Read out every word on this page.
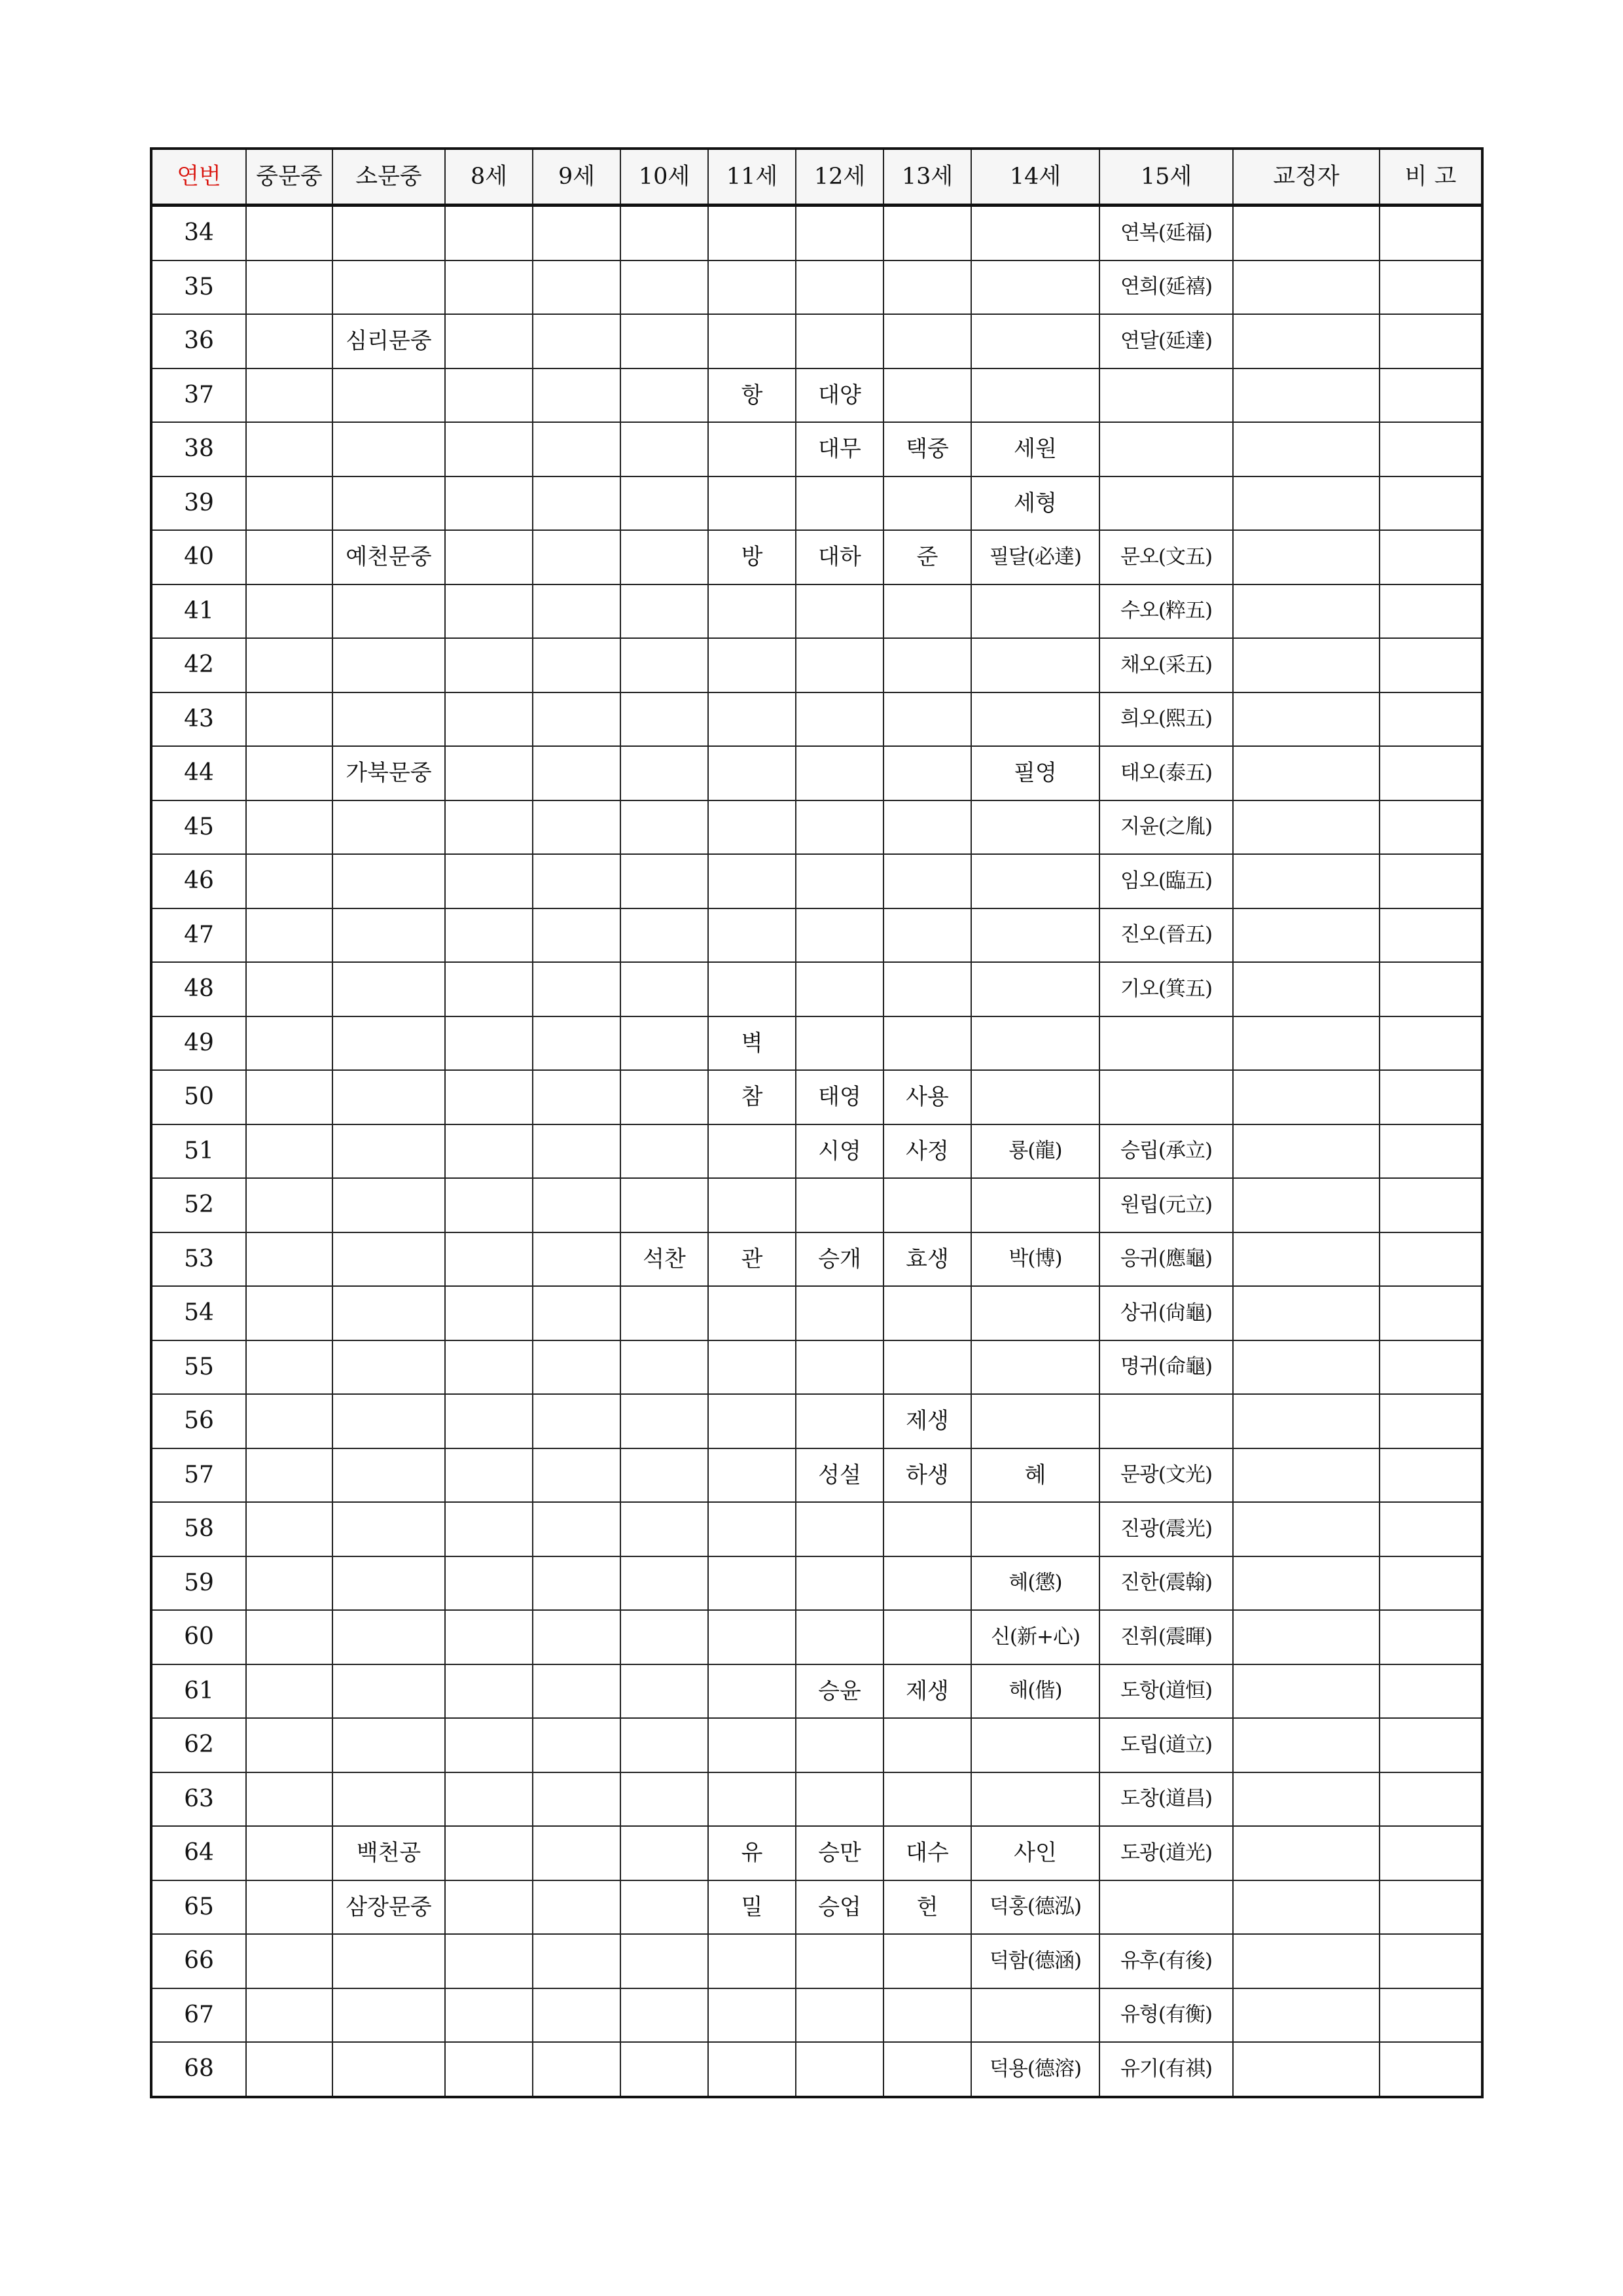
연번	중문중	소문중	8세	9세	10세	11세	12세	13세	14세	15세	교정자	비 고
34										연복(延福)		
35										연희(延禧)		
36		심리문중								연달(延達)		
37						항	대양					
38							대무	택중	세원			
39									세형			
40		예천문중				방	대하	준	필달(必達)	문오(文五)		
41										수오(粹五)		
42										채오(采五)		
43										희오(熙五)		
44		가북문중							필영	태오(泰五)		
45										지윤(之胤)		
46										임오(臨五)		
47										진오(晉五)		
48										기오(箕五)		
49						벽						
50						참	태영	사용				
51							시영	사정	룡(龍)	승립(承立)		
52										원립(元立)		
53					석찬	관	승개	효생	박(博)	응귀(應龜)		
54										상귀(尙龜)		
55										명귀(命龜)		
56								제생				
57							성설	하생	혜	문광(文光)		
58										진광(震光)		
59									혜(懲)	진한(震翰)		
60									신(新+心)	진휘(震暉)		
61							승윤	제생	해(偕)	도항(道恒)		
62										도립(道立)		
63										도창(道昌)		
64		백천공				유	승만	대수	사인	도광(道光)		
65		삼장문중				밀	승업	헌	덕홍(德泓)			
66									덕함(德涵)	유후(有後)		
67										유형(有衡)		
68									덕용(德溶)	유기(有祺)		
